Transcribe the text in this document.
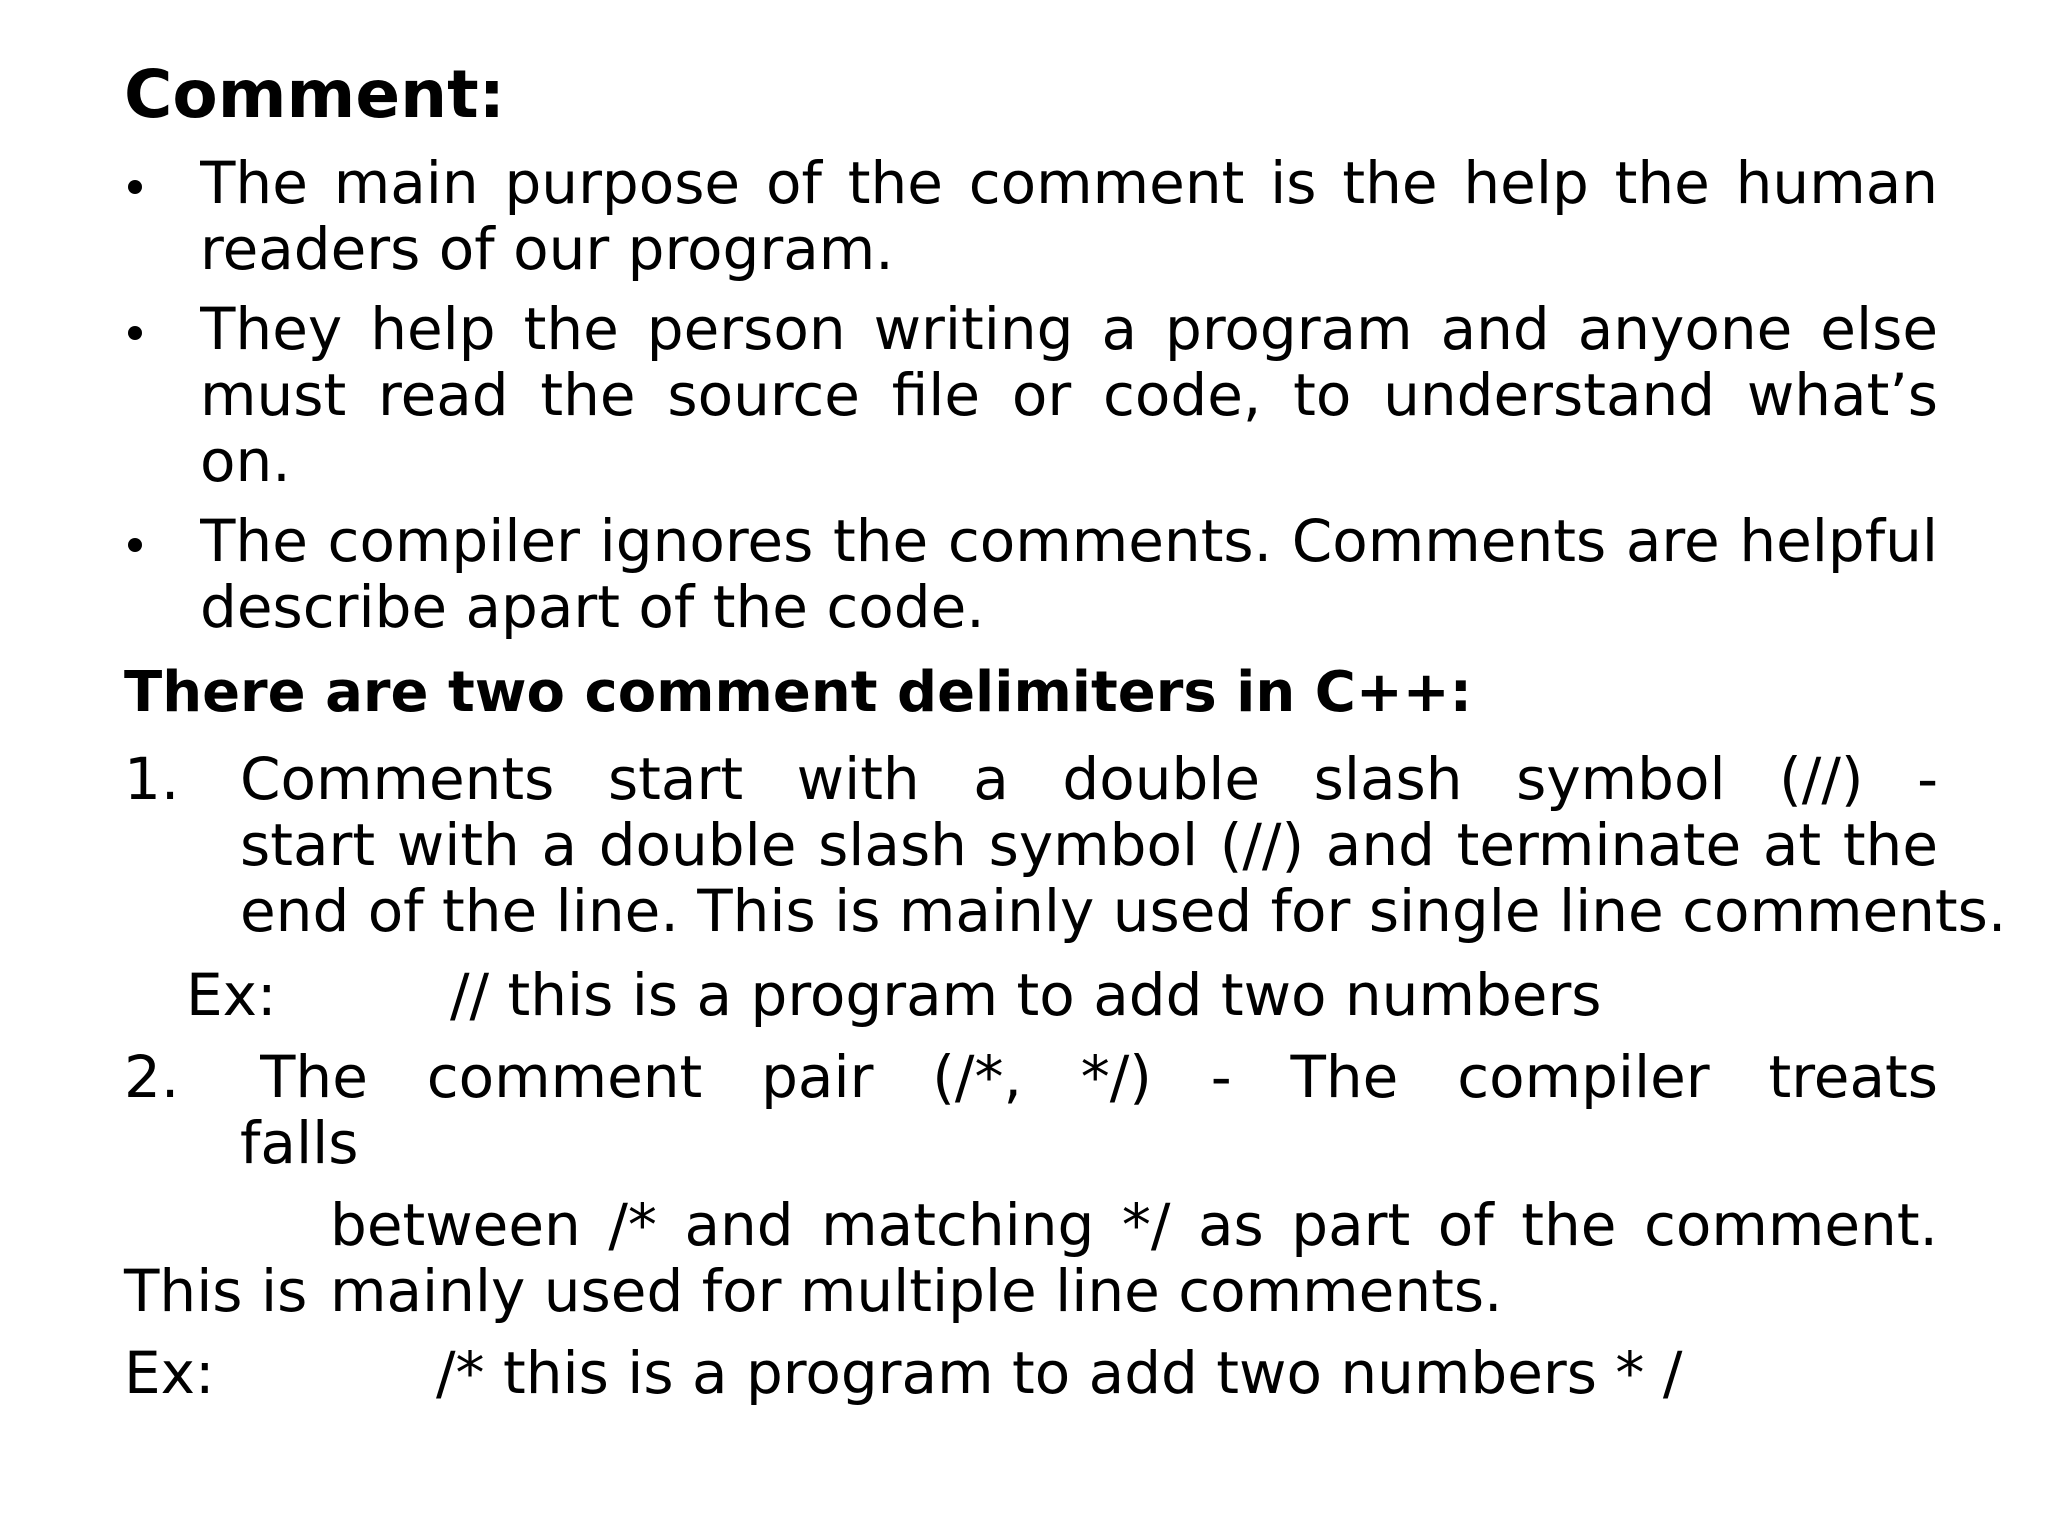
Comment:

The main purpose of the comment is the help the human

readers of our program.

They help the person writing a program and anyone else

must read the source file or code, to understand what’s

on.

The compiler ignores the comments. Comments are helpful

describe apart of the code.

There are two comment delimiters in C++:

1. Comments start with a double slash symbol (//) -

start with a double slash symbol (//) and terminate at the

end of the line. This is mainly used for single line comments.

Ex:	// this is a program to add two numbers

2. The comment pair (/*, */) - The compiler treats

falls

between /* and matching */ as part of the comment.

This is mainly used for multiple line comments.

Ex:	/* this is a program to add two numbers * /
